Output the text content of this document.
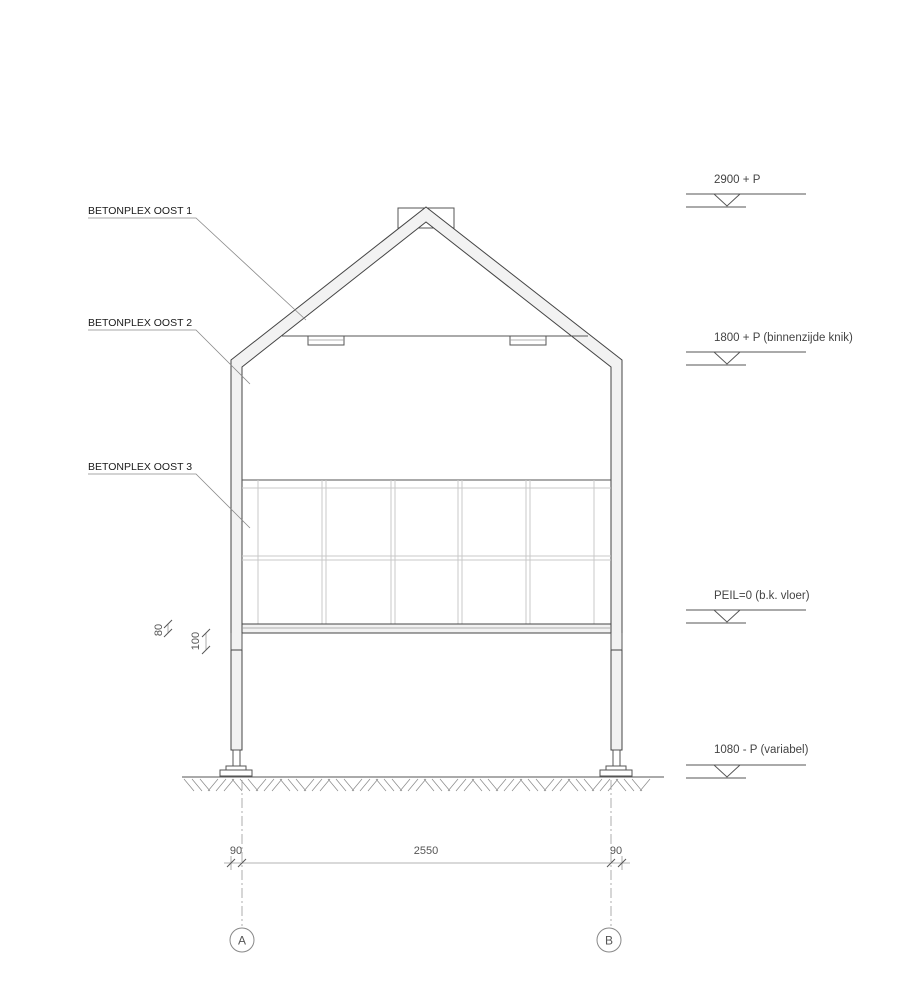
BETONPLEX OOST 1
BETONPLEX OOST 2
BETONPLEX OOST 3
2900 + P
1800 + P (binnenzijde knik)
PEIL=0 (b.k. vloer)
1080 - P (variabel)
80
100
90	2550	90
A	B
